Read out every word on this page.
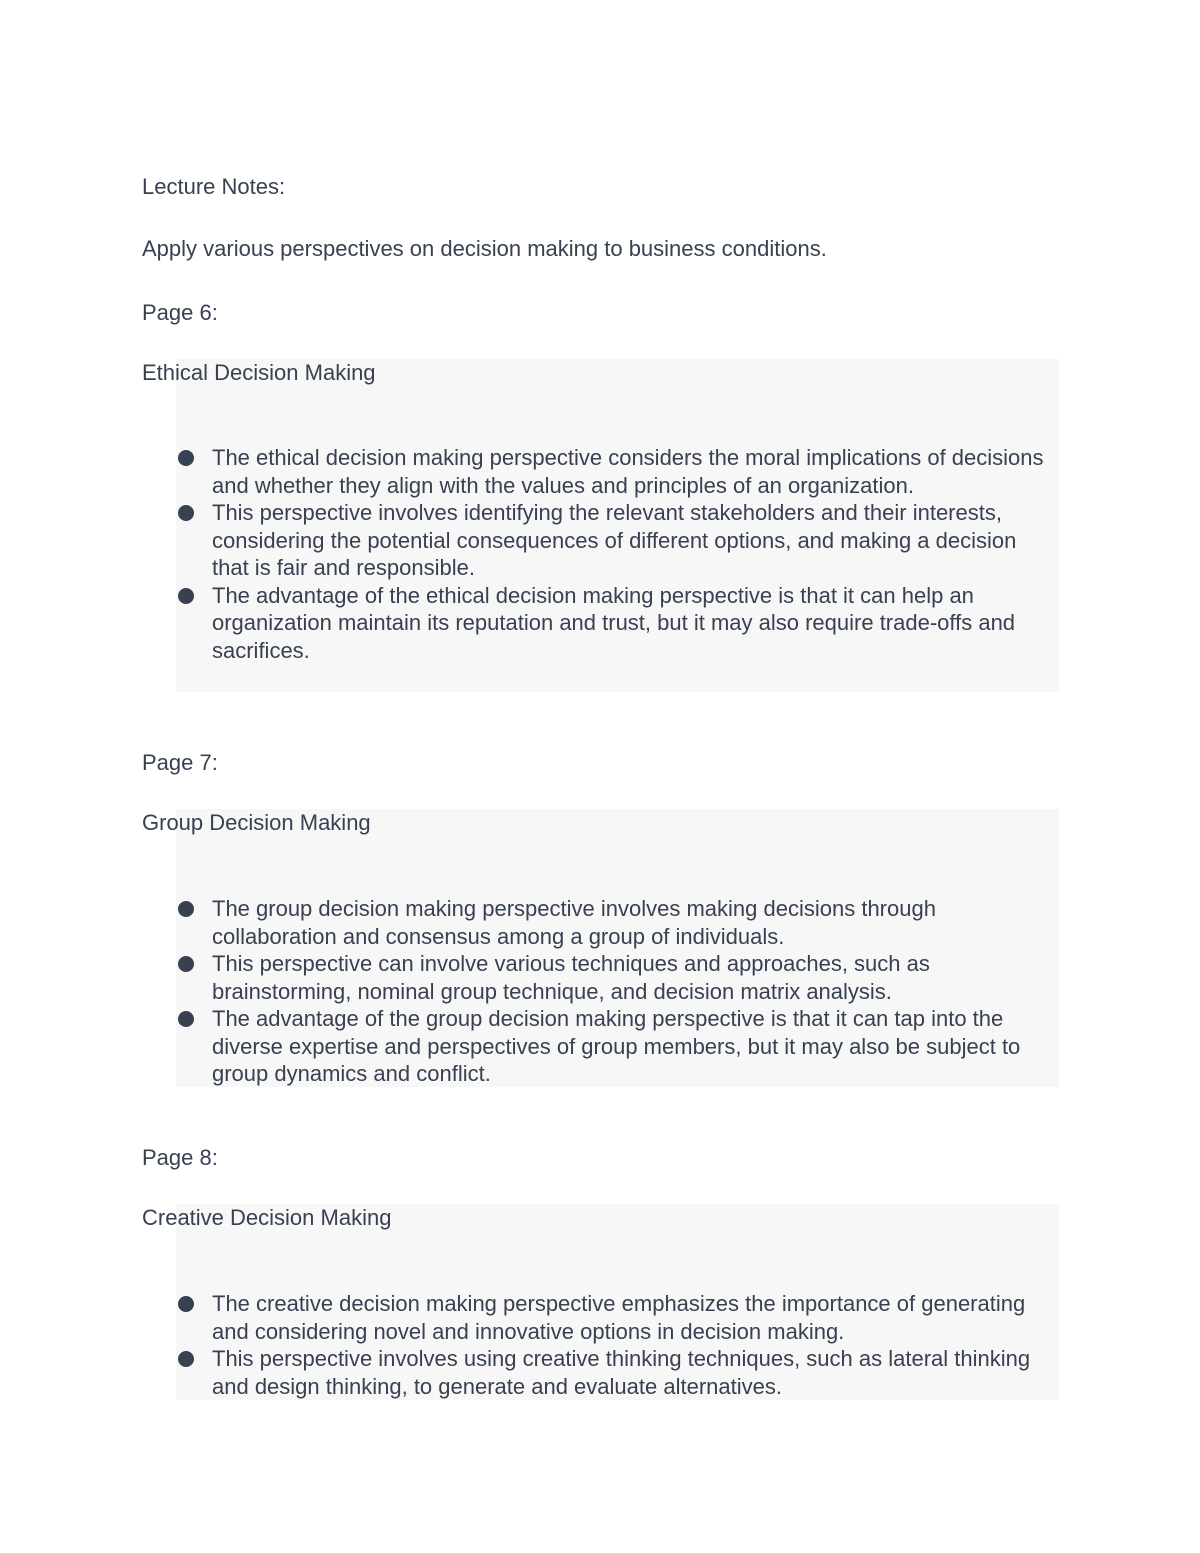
Lecture Notes:

Apply various perspectives on decision making to business conditions.

Page 6:

Ethical Decision Making

The ethical decision making perspective considers the moral implications of decisions and whether they align with the values and principles of an organization.
This perspective involves identifying the relevant stakeholders and their interests, considering the potential consequences of different options, and making a decision that is fair and responsible.
The advantage of the ethical decision making perspective is that it can help an organization maintain its reputation and trust, but it may also require trade-offs and sacrifices.

Page 7:

Group Decision Making

The group decision making perspective involves making decisions through collaboration and consensus among a group of individuals.
This perspective can involve various techniques and approaches, such as brainstorming, nominal group technique, and decision matrix analysis.
The advantage of the group decision making perspective is that it can tap into the diverse expertise and perspectives of group members, but it may also be subject to group dynamics and conflict.

Page 8:

Creative Decision Making

The creative decision making perspective emphasizes the importance of generating and considering novel and innovative options in decision making.
This perspective involves using creative thinking techniques, such as lateral thinking and design thinking, to generate and evaluate alternatives.
